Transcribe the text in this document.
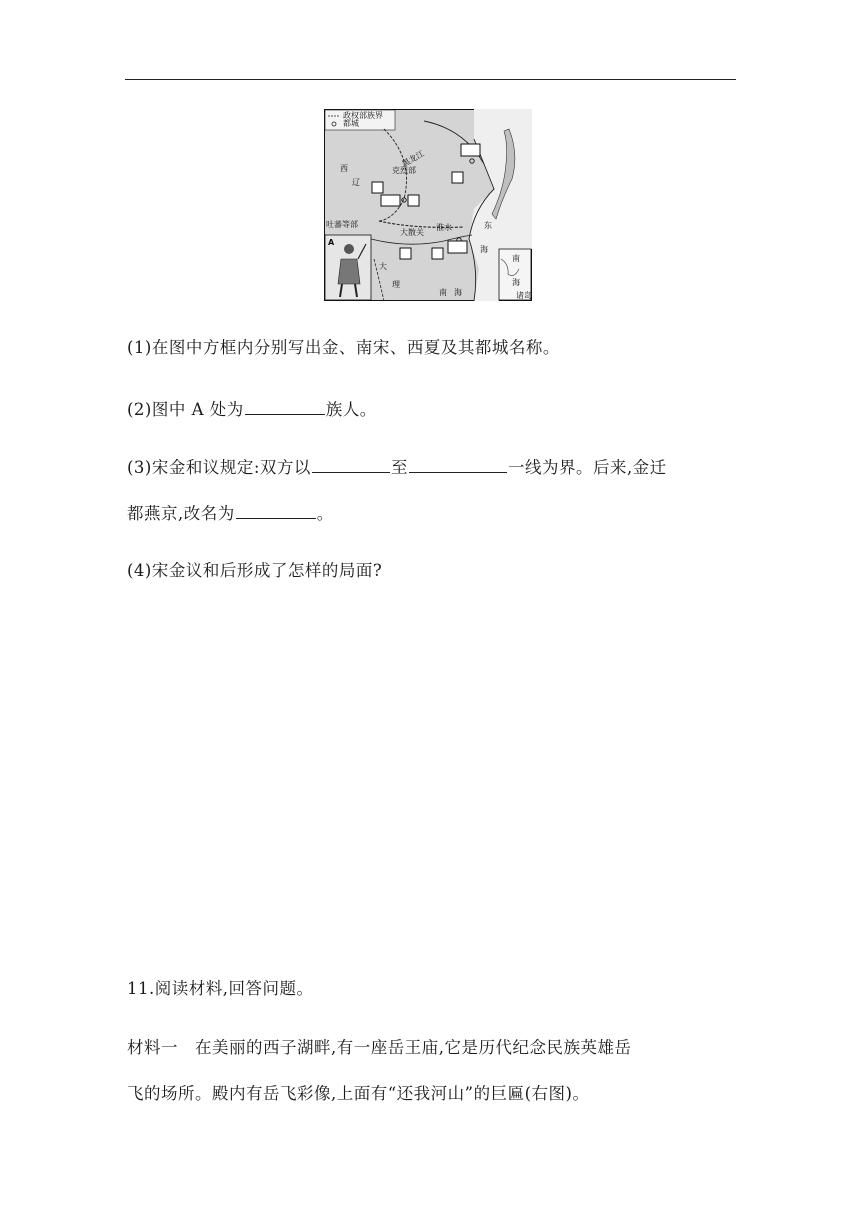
政权部族界
都城
黑龙江
西
辽
克烈部
吐蕃等部
大散关
淮水	东
海
大
理
南 海
A
南
海
诸岛
(1)在图中方框内分别写出金、南宋、西夏及其都城名称。
(2)图中 A 处为	族人。
(3)宋金和议规定:双方以	至	一线为界。后来,金迁
都燕京,改名为	。
(4)宋金议和后形成了怎样的局面?
11.阅读材料,回答问题。
材料一　在美丽的西子湖畔,有一座岳王庙,它是历代纪念民族英雄岳
飞的场所。殿内有岳飞彩像,上面有“还我河山”的巨匾(右图)。
